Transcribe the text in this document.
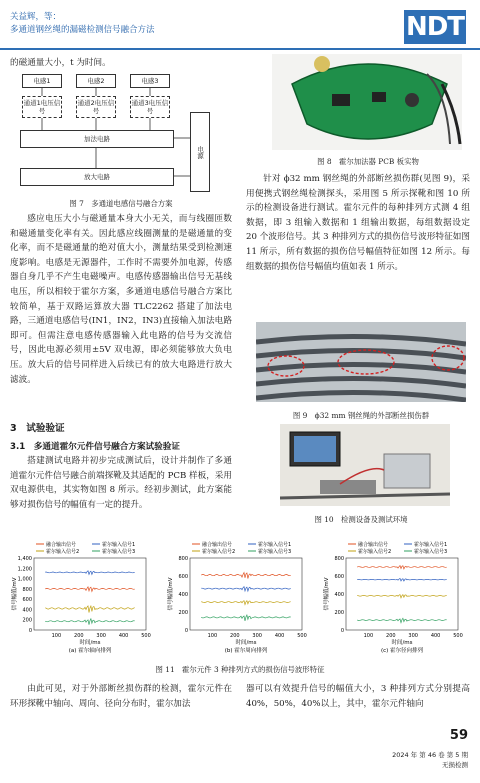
关益辉，等：
多通道钢丝绳的漏磁检测信号融合方法	NDT
的磁通量大小，t 为时间。
电感1	电感2	电感3
通道1电压信号
通道2电压信号
通道3电压信号
加法电路
放大电路
电源
图 7　多通道电感信号融合方案

感应电压大小与磁通量本身大小无关，而与线圈匝数和磁通量变化率有关。因此感应线圈测量的是磁通量的变化率，而不是磁通量的绝对值大小，测量结果受到检测速度影响。电感是无源器件，工作时不需要外加电源，传感器自身几乎不产生电磁噪声。电感传感器输出信号无基线电压，所以相较于霍尔方案，多通道电感信号融合方案比较简单，基于双路运算放大器 TLC2262 搭建了加法电路，三通道电感信号(IN1，IN2，IN3)直接输入加法电路即可。但需注意电感传感器输入此电路的信号为交流信号，因此电源必须用±5V 双电源，即必须能够放大负电压。放大后的信号同样进入后续已有的放大电路进行放大滤波。

3　试验验证
3.1　多通道霍尔元件信号融合方案试验验证

搭建测试电路并初步完成测试后，设计并制作了多通道霍尔元件信号融合前端探靴及其适配的 PCB 样板，采用双电源供电，其实物如图 8 所示。经初步测试，此方案能够对损伤信号的幅值有一定的提升。

图 8　霍尔加法器 PCB 板实物

针对 ϕ32 mm 钢丝绳的外部断丝损伤群(见图 9)，采用便携式钢丝绳检测探头，采用图 5 所示探靴和图 10 所示的检测设备进行测试。霍尔元件的每种排列方式测 4 组数据，即 3 组输入数据和 1 组输出数据，每组数据设定 20 个波形信号。其 3 种排列方式的损伤信号波形特征如图 11 所示，所有数据的损伤信号幅值特征如图 12 所示。每组数据的损伤信号幅值均值如表 1 所示。

图 9　ϕ32 mm 钢丝绳的外部断丝损伤群
图 10　检测设备及测试环境
0
200
400
600
800
1,000
1,200
1,400
100	200	300	400	500
时间/ms
信号幅值/mV
(a) 霍尔轴向排列
融合输出信号	霍尔输入信号1
霍尔输入信号2	霍尔输入信号3
0
200
400
600
800
100	200	300	400	500
时间/ms
信号幅值/mV
(b) 霍尔周向排列
融合输出信号	霍尔输入信号1
霍尔输入信号2	霍尔输入信号3
0
200
400
600
800
100	200	300	400	500
时间/ms
信号幅值/mV
(c) 霍尔径向排列
融合输出信号	霍尔输入信号1
霍尔输入信号2	霍尔输入信号3
图 11　霍尔元件 3 种排列方式的损伤信号波形特征

由此可见，对于外部断丝损伤群的检测，霍尔元件在环形探靴中轴向、周向、径向分布时，霍尔加法

器可以有效提升信号的幅值大小，3 种排列方式分别提高 40%，50%，40%以上，其中，霍尔元件轴向

59
2024 年 第 46 卷 第 5 期
无损检测
